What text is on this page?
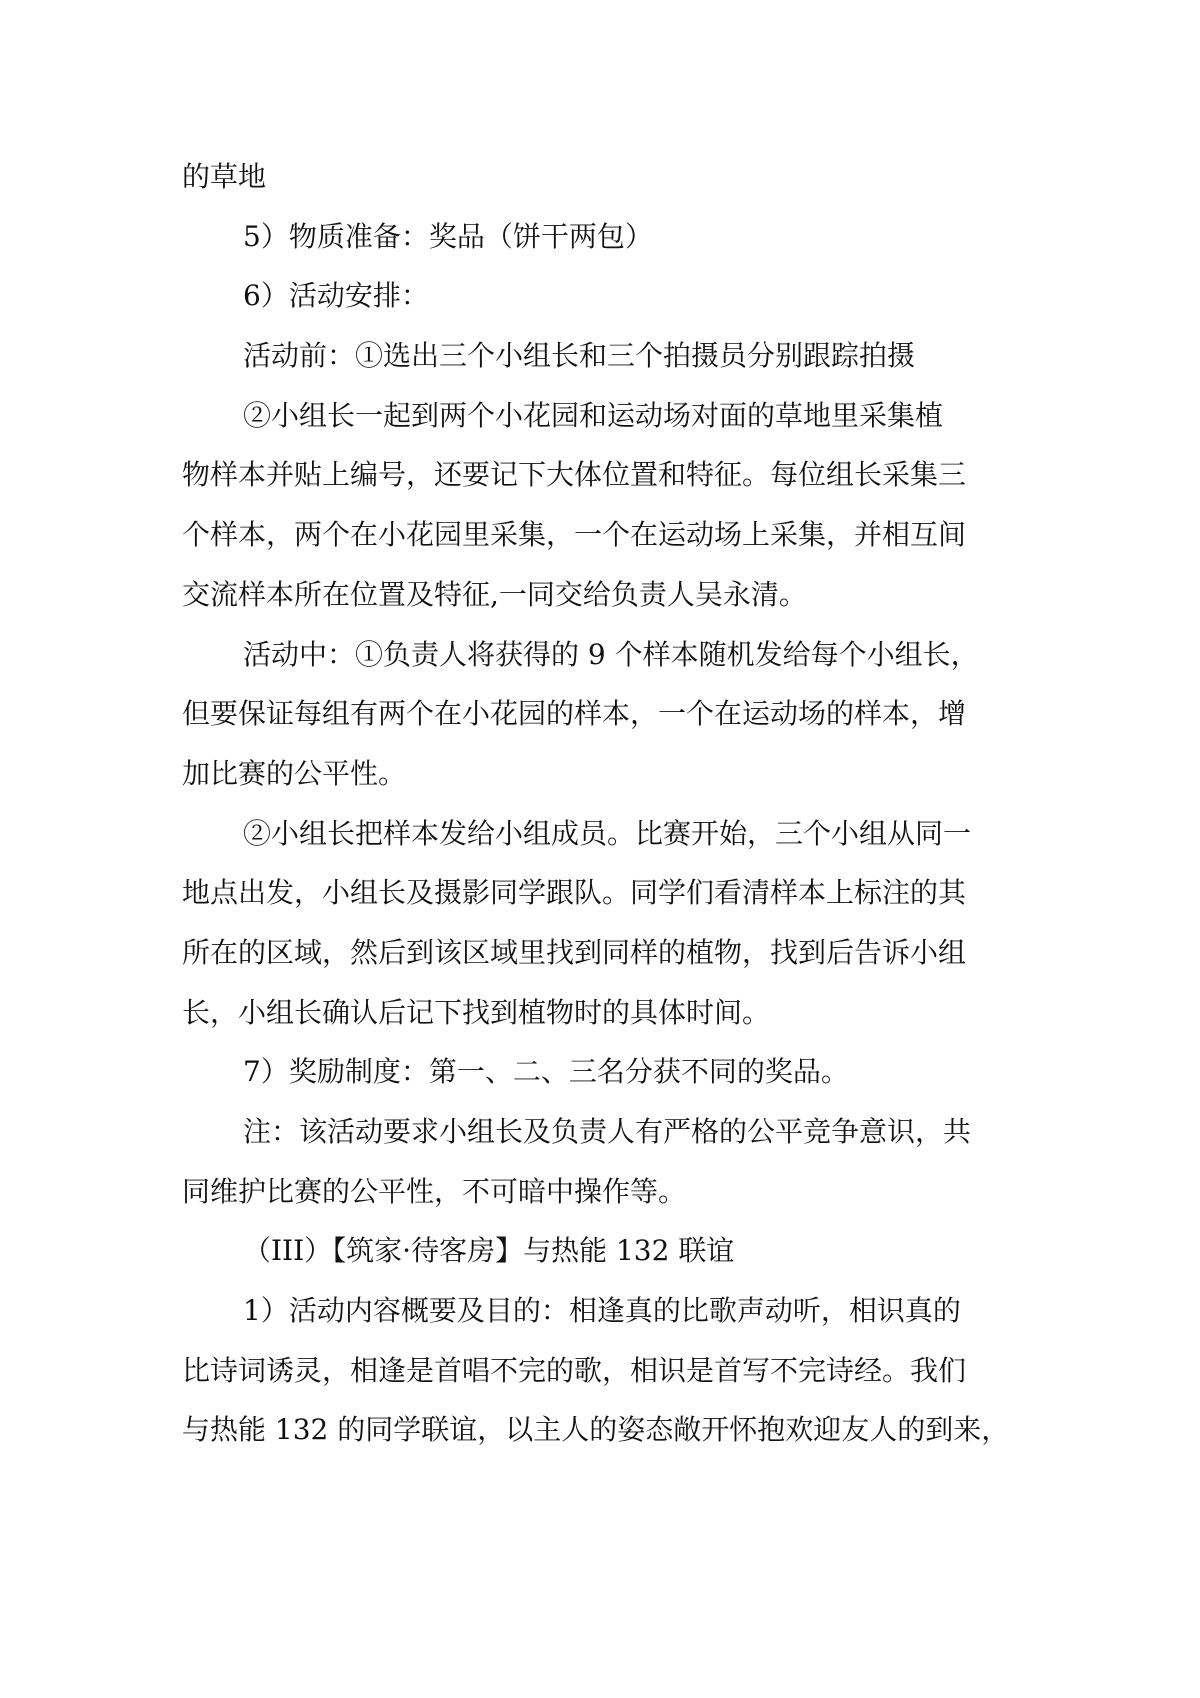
的草地
5）物质准备：奖品（饼干两包）
6）活动安排：
活动前：①选出三个小组长和三个拍摄员分别跟踪拍摄
②小组长一起到两个小花园和运动场对面的草地里采集植
物样本并贴上编号，还要记下大体位置和特征。每位组长采集三
个样本，两个在小花园里采集，一个在运动场上采集，并相互间
交流样本所在位置及特征,一同交给负责人吴永清。
活动中：①负责人将获得的 9 个样本随机发给每个小组长，
但要保证每组有两个在小花园的样本，一个在运动场的样本，增
加比赛的公平性。
②小组长把样本发给小组成员。比赛开始，三个小组从同一
地点出发，小组长及摄影同学跟队。同学们看清样本上标注的其
所在的区域，然后到该区域里找到同样的植物，找到后告诉小组
长，小组长确认后记下找到植物时的具体时间。
7）奖励制度：第一、二、三名分获不同的奖品。
注：该活动要求小组长及负责人有严格的公平竞争意识，共
同维护比赛的公平性，不可暗中操作等。
（III）【筑家·待客房】与热能 132 联谊
1）活动内容概要及目的：相逢真的比歌声动听，相识真的
比诗词诱灵，相逢是首唱不完的歌，相识是首写不完诗经。我们
与热能 132 的同学联谊，以主人的姿态敞开怀抱欢迎友人的到来，
